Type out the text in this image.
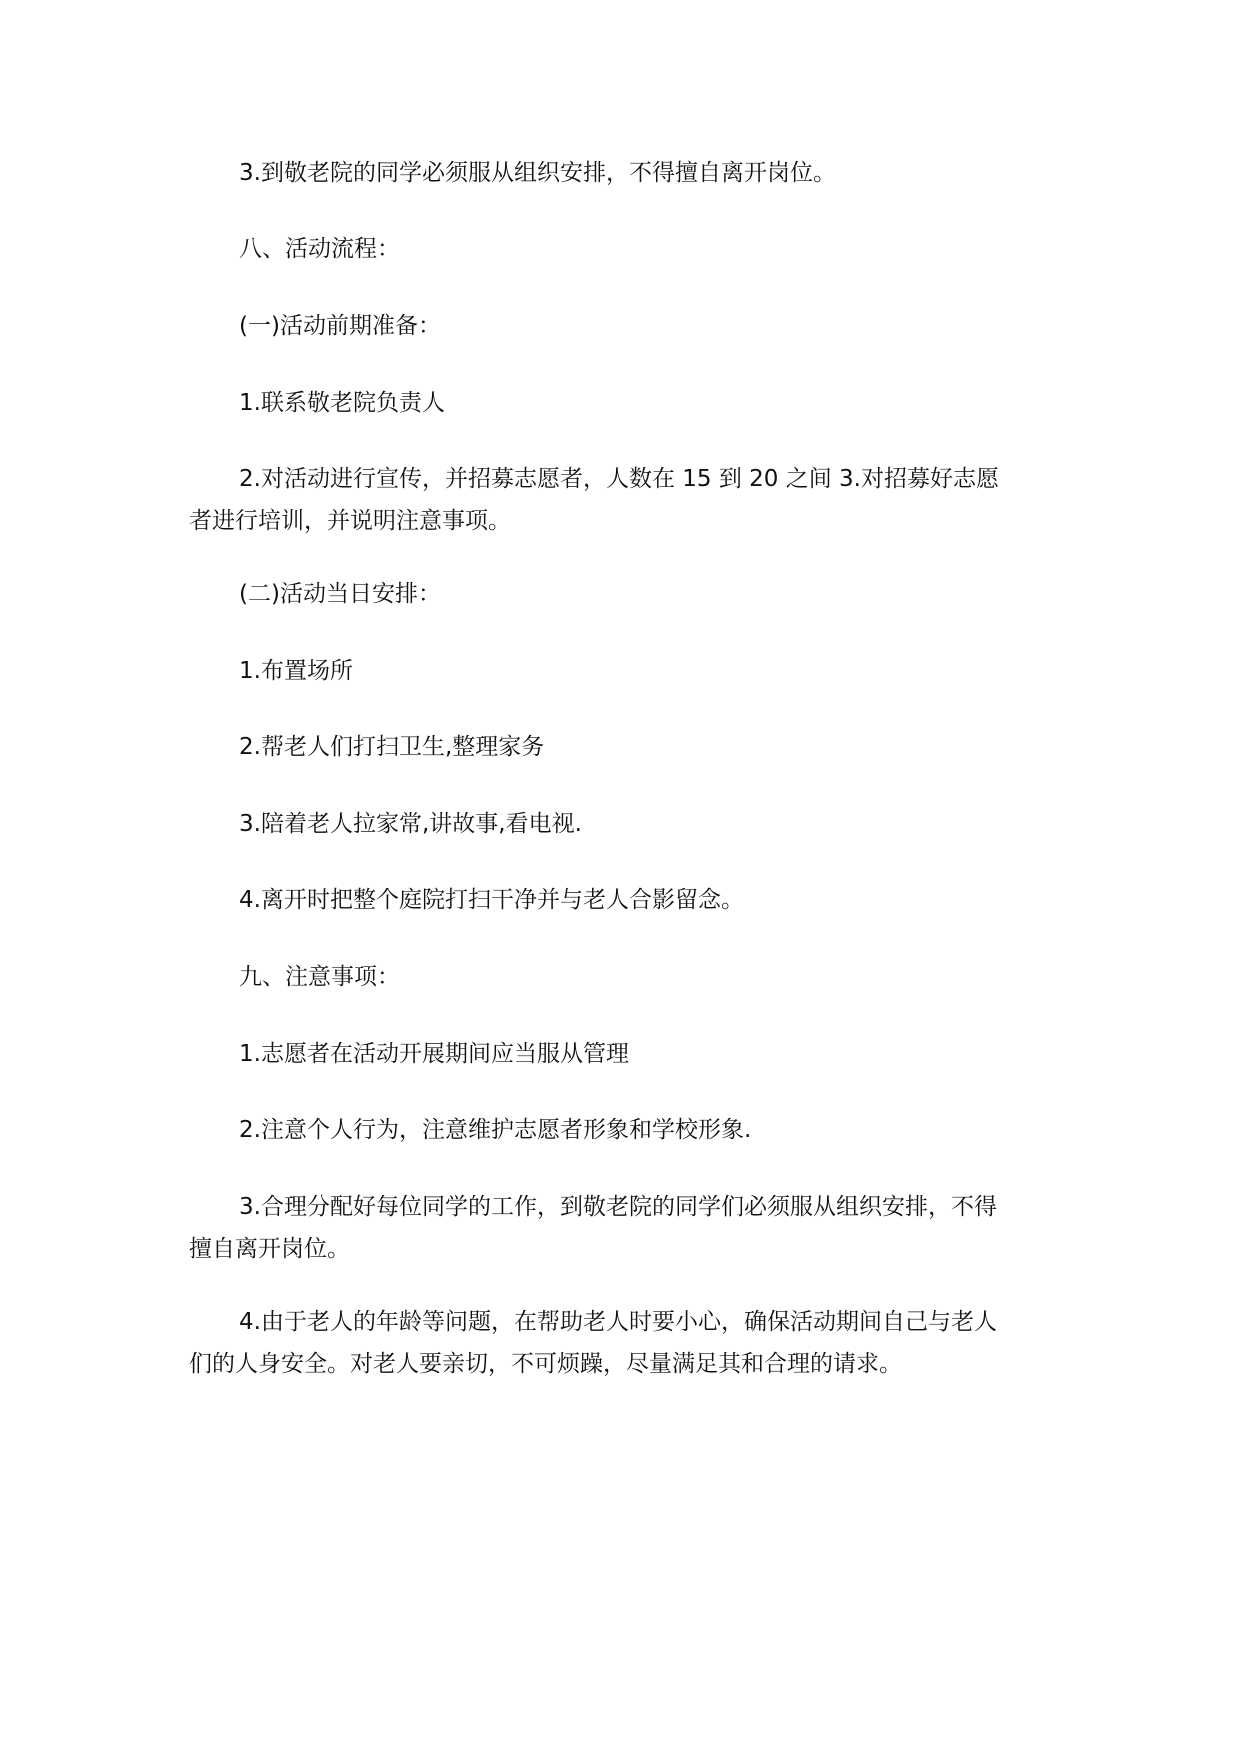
3.到敬老院的同学必须服从组织安排，不得擅自离开岗位。

八、活动流程：

(一)活动前期准备：

1.联系敬老院负责人

2.对活动进行宣传，并招募志愿者，人数在 15 到 20 之间 3.对招募好志愿
者进行培训，并说明注意事项。

(二)活动当日安排：

1.布置场所

2.帮老人们打扫卫生,整理家务

3.陪着老人拉家常,讲故事,看电视.

4.离开时把整个庭院打扫干净并与老人合影留念。

九、注意事项：

1.志愿者在活动开展期间应当服从管理

2.注意个人行为，注意维护志愿者形象和学校形象.

3.合理分配好每位同学的工作，到敬老院的同学们必须服从组织安排，不得
擅自离开岗位。

4.由于老人的年龄等问题，在帮助老人时要小心，确保活动期间自己与老人
们的人身安全。对老人要亲切，不可烦躁，尽量满足其和合理的请求。
